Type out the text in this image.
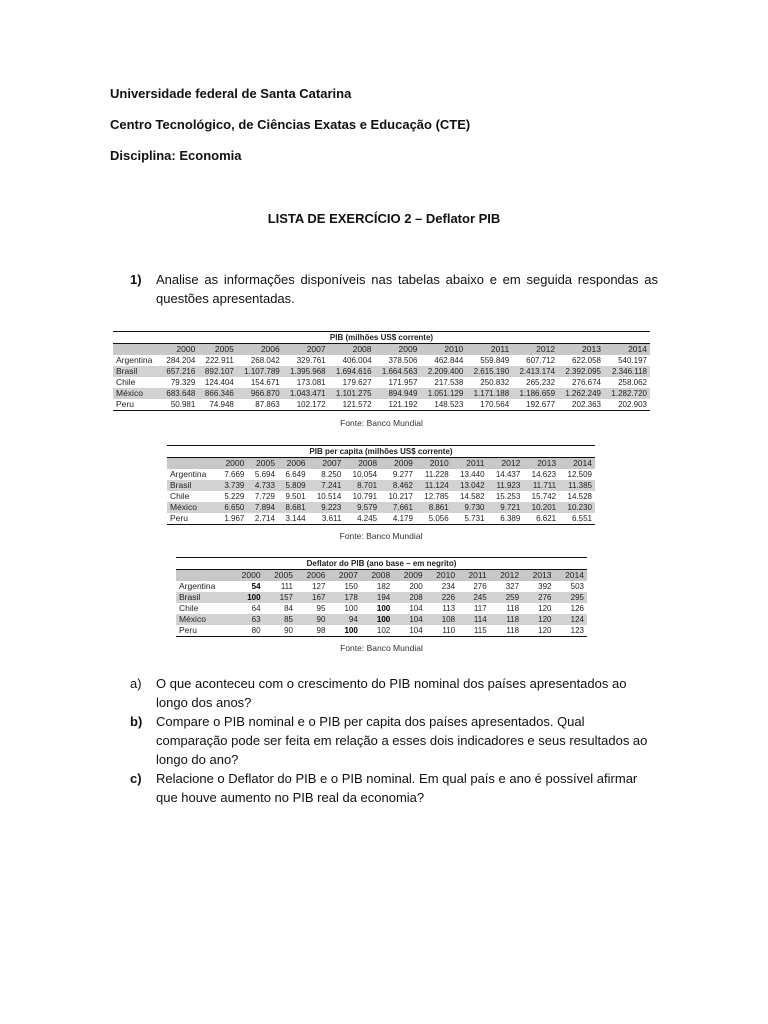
Universidade federal de Santa Catarina
Centro Tecnológico, de Ciências Exatas e Educação (CTE)
Disciplina: Economia
LISTA DE EXERCÍCIO 2 – Deflator PIB
1) Analise as informações disponíveis nas tabelas abaixo e em seguida respondas as questões apresentadas.
PIB (milhões US$ corrente)											
	2000	2005	2006	2007	2008	2009	2010	2011	2012	2013	2014
Argentina	284.204	222.911	268.042	329.761	406.004	378.506	462.844	559.849	607.712	622.058	540.197
Brasil	657.216	892.107	1.107.789	1.395.968	1.694.616	1.664.563	2.209.400	2.615.190	2.413.174	2.392.095	2.346.118
Chile	79.329	124.404	154.671	173.081	179.627	171.957	217.538	250.832	265.232	276.674	258.062
México	683.648	866.346	966.870	1.043.471	1.101.275	894.949	1.051.129	1.171.188	1.186.659	1.262.249	1.282.720
Peru	50.981	74.948	87.863	102.172	121.572	121.192	148.523	170.564	192.677	202.363	202.903
Fonte: Banco Mundial
PIB per capita (milhões US$ corrente)											
	2000	2005	2006	2007	2008	2009	2010	2011	2012	2013	2014
Argentina	7.669	5.694	6.649	8.250	10.054	9.277	11.228	13.440	14.437	14.623	12.509
Brasil	3.739	4.733	5.809	7.241	8.701	8.462	11.124	13.042	11.923	11.711	11.385
Chile	5.229	7.729	9.501	10.514	10.791	10.217	12.785	14.582	15.253	15.742	14.528
México	6.650	7.894	8.681	9.223	9.579	7.661	8.861	9.730	9.721	10.201	10.230
Peru	1.967	2.714	3.144	3.611	4.245	4.179	5.056	5.731	6.389	6.621	6.551
Fonte: Banco Mundial
Deflator do PIB (ano base – em negrito)											
	2000	2005	2006	2007	2008	2009	2010	2011	2012	2013	2014
Argentina	54	111	127	150	182	200	234	276	327	392	503
Brasil	100	157	167	178	194	208	226	245	259	276	295
Chile	64	84	95	100	100	104	113	117	118	120	126
México	63	85	90	94	100	104	108	114	118	120	124
Peru	80	90	98	100	102	104	110	115	118	120	123
Fonte: Banco Mundial
a) O que aconteceu com o crescimento do PIB nominal dos países apresentados ao longo dos anos?
b) Compare o PIB nominal e o PIB per capita dos países apresentados. Qual comparação pode ser feita em relação a esses dois indicadores e seus resultados ao longo do ano?
c) Relacione o Deflator do PIB e o PIB nominal. Em qual país e ano é possível afirmar que houve aumento no PIB real da economia?
